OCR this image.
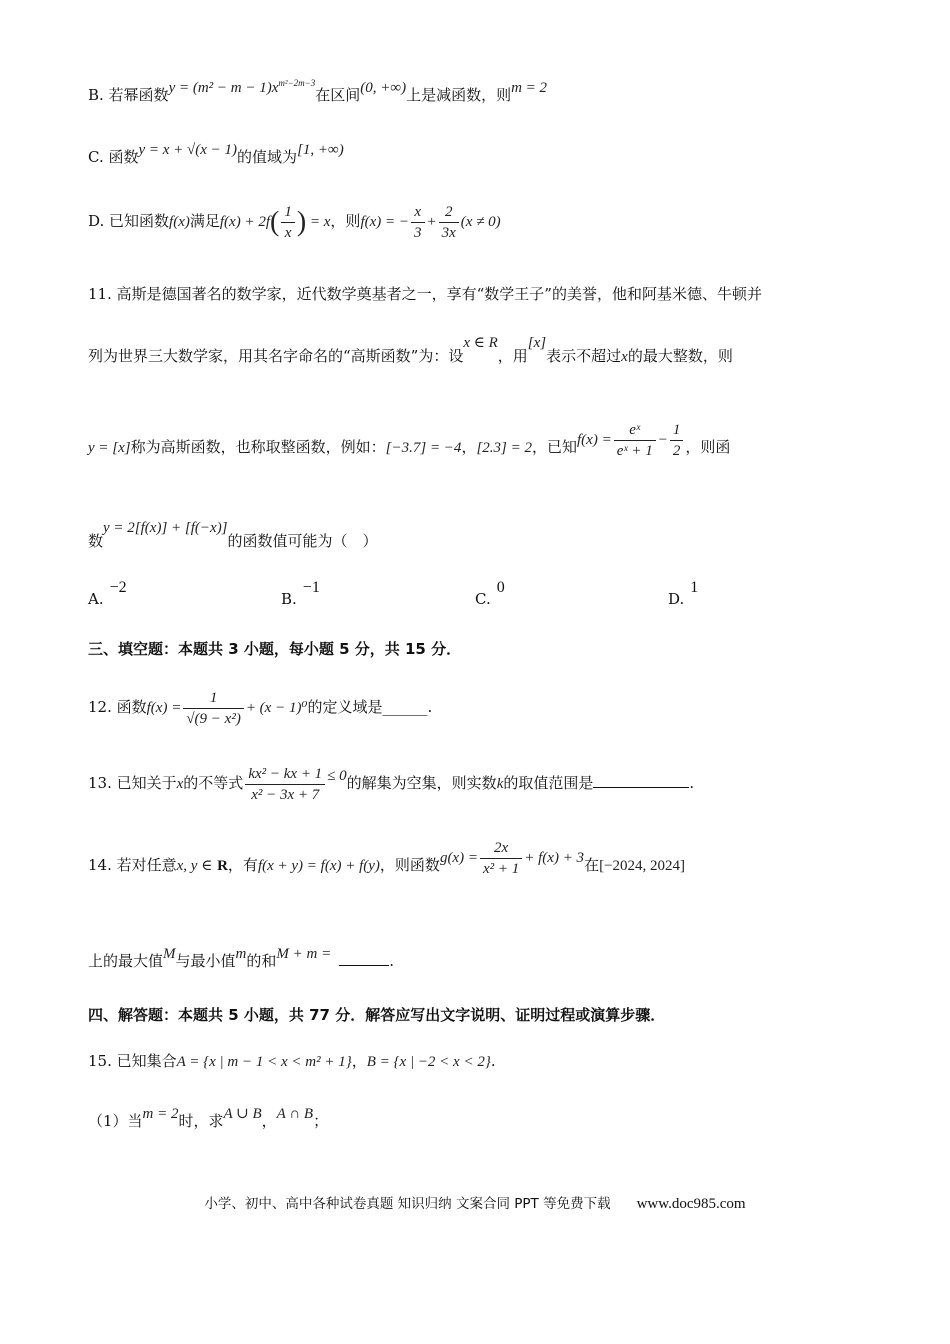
B. 若幂函数$y = (m^2 - m - 1)x^{m^2-2m-3}$在区间(0, +∞)上是减函数，则m = 2
C. 函数y = x + √(x − 1)的值域为[1, +∞)
D. 已知函数f(x)满足$f(x) + 2f( \frac{1}{x}$ ) = x，则f(x) = − $\frac{x}{3} + \frac{2}{3x} (x \ne 0)$
11. 高斯是德国著名的数学家，近代数学奠基者之一，享有“数学王子”的美誉，他和阿基米德、牛顿并
列为世界三大数学家，用其名字命名的“高斯函数”为：设x ∈ R，用[x]表示不超过x的最大整数，则
y = [x]称为高斯函数，也称取整函数，例如：[−3.7] = −4，[2.3] = 2，已知$f(x) = \frac{\text{eˣ}}{\text{eˣ + 1}} - \frac{1}{2}$ ，则函
数y = 2[f(x)] + [f(−x)]的函数值可能为（　）
A.−2
B.−1
C.0
D.1
三、填空题：本题共 3 小题，每小题 5 分，共 15 分．
12. 函数$f(x) = \frac{1}{\text{√(9 − x²)}} + (x - 1)^0$的定义域是______.
13. 已知关于x的不等式 $\frac{\text{kx² − kx + 1}}{\text{x² − 3x + 7}} \le 0$的解集为空集，则实数k的取值范围是	.
14. 若对任意x, y ∈ R，有f(x + y) = f(x) + f(y)，则函数$g(x) = \frac{2x}{\text{x² + 1}} + f(x) + 3$在[−2024, 2024]
上的最大值M与最小值m的和M + m =	.
四、解答题：本题共 5 小题，共 77 分．解答应写出文字说明、证明过程或演算步骤．
15. 已知集合A = {x | m − 1 < x < m² + 1}，B = {x | −2 < x < 2}.
（1）当m = 2时，求A ∪ B，A ∩ B；
小学、初中、高中各种试卷真题 知识归纳 文案合同 PPT 等免费下载 www.doc985.com
